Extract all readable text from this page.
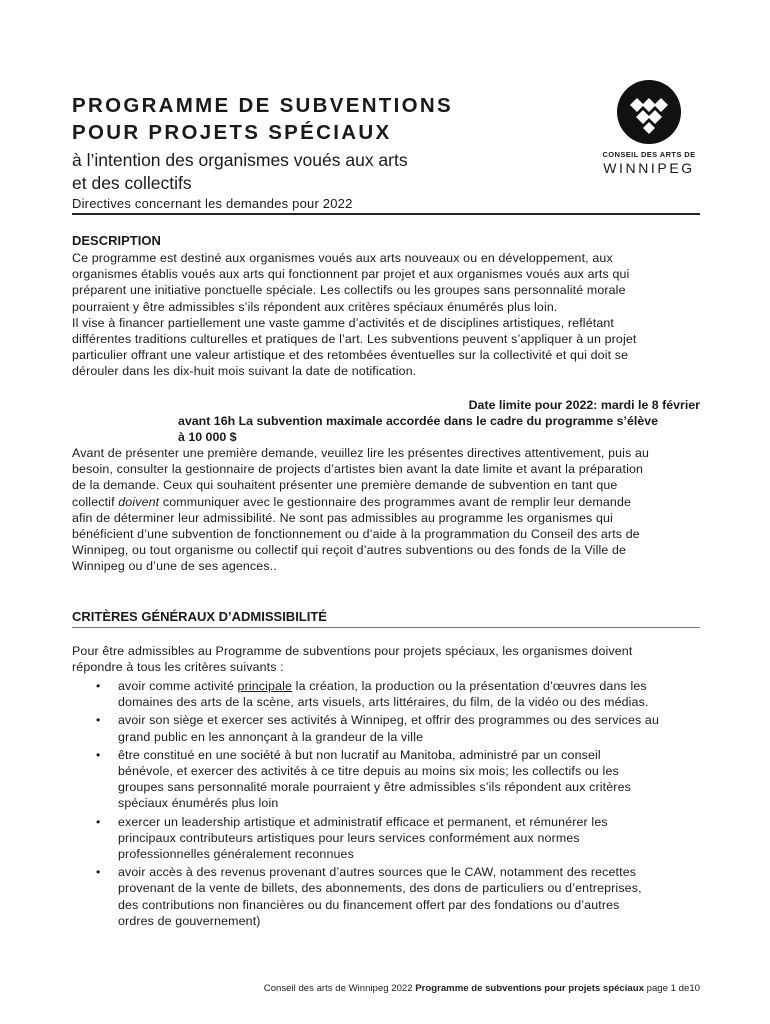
PROGRAMME DE SUBVENTIONS
POUR PROJETS SPÉCIAUX
à l’intention des organismes voués aux arts
et des collectifs
Directives concernant les demandes pour 2022
CONSEIL DES ARTS DE
WINNIPEG
DESCRIPTION
Ce programme est destiné aux organismes voués aux arts nouveaux ou en développement, aux
organismes établis voués aux arts qui fonctionnent par projet et aux organismes voués aux arts qui
préparent une initiative ponctuelle spéciale. Les collectifs ou les groupes sans personnalité morale
pourraient y être admissibles s’ils répondent aux critères spéciaux énumérés plus loin.
Il vise à financer partiellement une vaste gamme d’activités et de disciplines artistiques, reflétant
différentes traditions culturelles et pratiques de l’art. Les subventions peuvent s’appliquer à un projet
particulier offrant une valeur artistique et des retombées éventuelles sur la collectivité et qui doit se
dérouler dans les dix-huit mois suivant la date de notification.
Date limite pour 2022: mardi le 8 février
avant 16h La subvention maximale accordée dans le cadre du programme s’élève
à 10 000 $
Avant de présenter une première demande, veuillez lire les présentes directives attentivement, puis au
besoin, consulter la gestionnaire de projects d’artistes bien avant la date limite et avant la préparation
de la demande. Ceux qui souhaitent présenter une première demande de subvention en tant que
collectif doivent communiquer avec le gestionnaire des programmes avant de remplir leur demande
afin de déterminer leur admissibilité. Ne sont pas admissibles au programme les organismes qui
bénéficient d’une subvention de fonctionnement ou d’aide à la programmation du Conseil des arts de
Winnipeg, ou tout organisme ou collectif qui reçoit d’autres subventions ou des fonds de la Ville de
Winnipeg ou d’une de ses agences..
CRITÈRES GÉNÉRAUX D’ADMISSIBILITÉ
Pour être admissibles au Programme de subventions pour projets spéciaux, les organismes doivent
répondre à tous les critères suivants :
• avoir comme activité principale la création, la production ou la présentation d’œuvres dans les
domaines des arts de la scène, arts visuels, arts littéraires, du film, de la vidéo ou des médias.
• avoir son siège et exercer ses activités à Winnipeg, et offrir des programmes ou des services au
grand public en les annonçant à la grandeur de la ville
• être constitué en une société à but non lucratif au Manitoba, administré par un conseil
bénévole, et exercer des activités à ce titre depuis au moins six mois; les collectifs ou les
groupes sans personnalité morale pourraient y être admissibles s’ils répondent aux critères
spéciaux énumérés plus loin
• exercer un leadership artistique et administratif efficace et permanent, et rémunérer les
principaux contributeurs artistiques pour leurs services conformément aux normes
professionnelles généralement reconnues
• avoir accès à des revenus provenant d’autres sources que le CAW, notamment des recettes
provenant de la vente de billets, des abonnements, des dons de particuliers ou d’entreprises,
des contributions non financières ou du financement offert par des fondations ou d’autres
ordres de gouvernement)
Conseil des arts de Winnipeg 2022 Programme de subventions pour projets spéciaux page 1 de10
